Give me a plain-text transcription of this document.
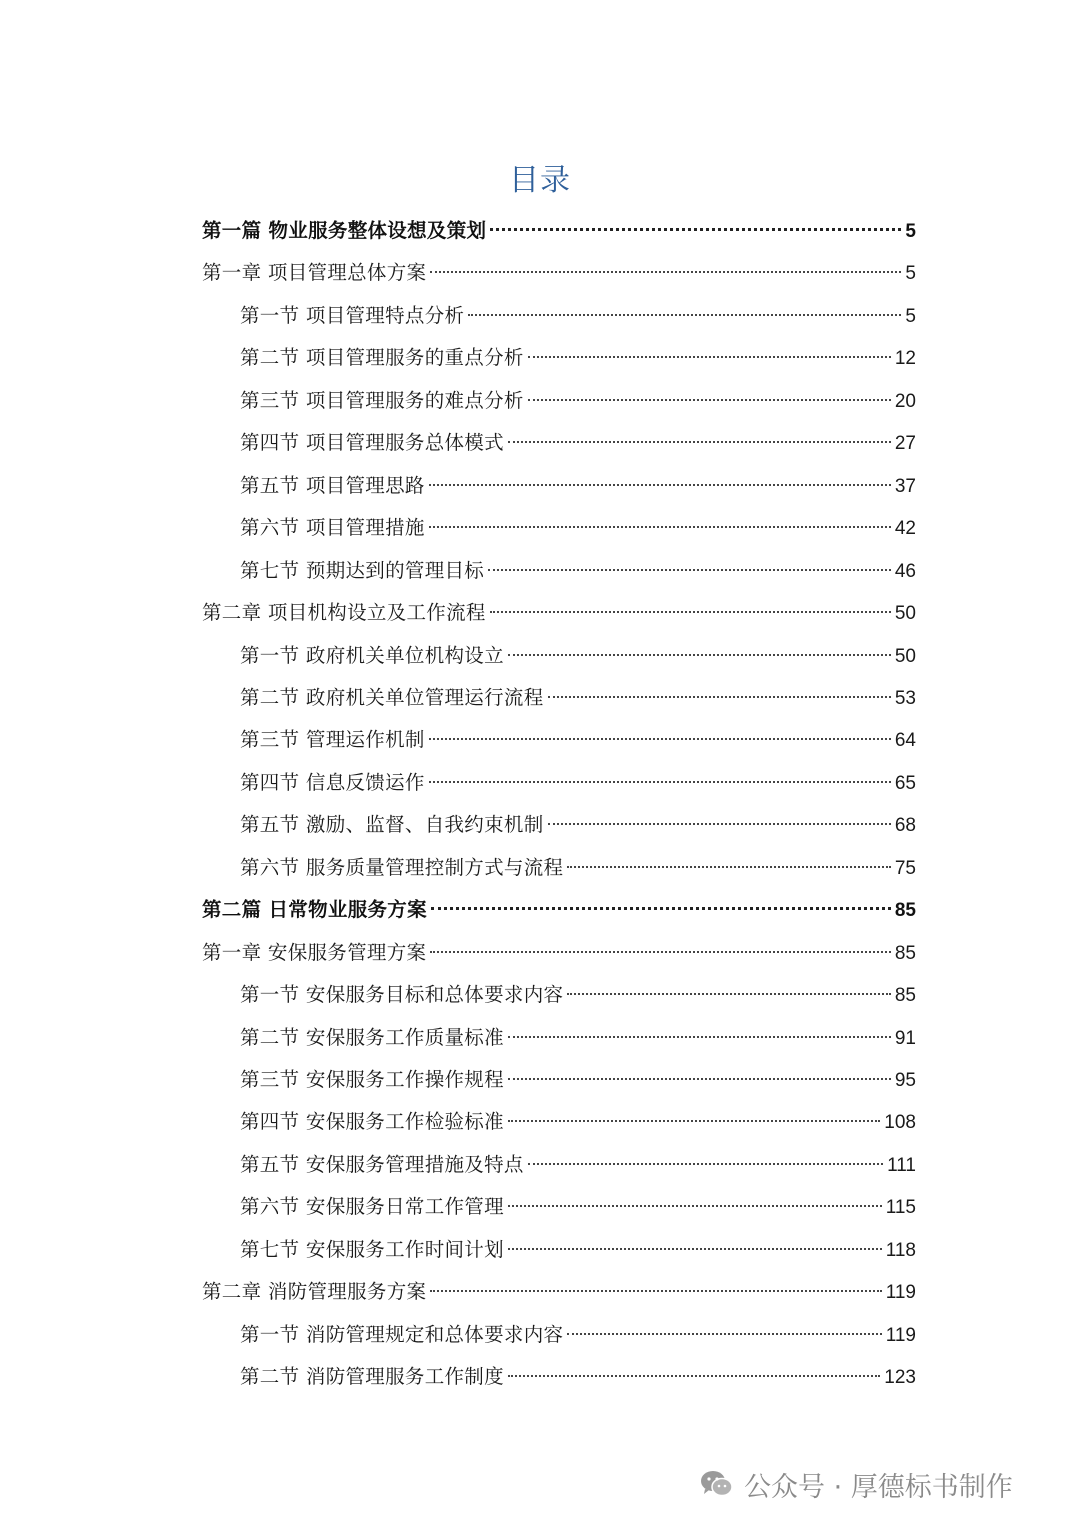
目录
第一篇 物业服务整体设想及策划	5
第一章 项目管理总体方案	5
第一节 项目管理特点分析	5
第二节 项目管理服务的重点分析	12
第三节 项目管理服务的难点分析	20
第四节 项目管理服务总体模式	27
第五节 项目管理思路	37
第六节 项目管理措施	42
第七节 预期达到的管理目标	46
第二章 项目机构设立及工作流程	50
第一节 政府机关单位机构设立	50
第二节 政府机关单位管理运行流程	53
第三节 管理运作机制	64
第四节 信息反馈运作	65
第五节 激励、监督、自我约束机制	68
第六节 服务质量管理控制方式与流程	75
第二篇 日常物业服务方案	85
第一章 安保服务管理方案	85
第一节 安保服务目标和总体要求内容	85
第二节 安保服务工作质量标准	91
第三节 安保服务工作操作规程	95
第四节 安保服务工作检验标准	108
第五节 安保服务管理措施及特点	111
第六节 安保服务日常工作管理	115
第七节 安保服务工作时间计划	118
第二章 消防管理服务方案	119
第一节 消防管理规定和总体要求内容	119
第二节 消防管理服务工作制度	123
公众号 · 厚德标书制作
